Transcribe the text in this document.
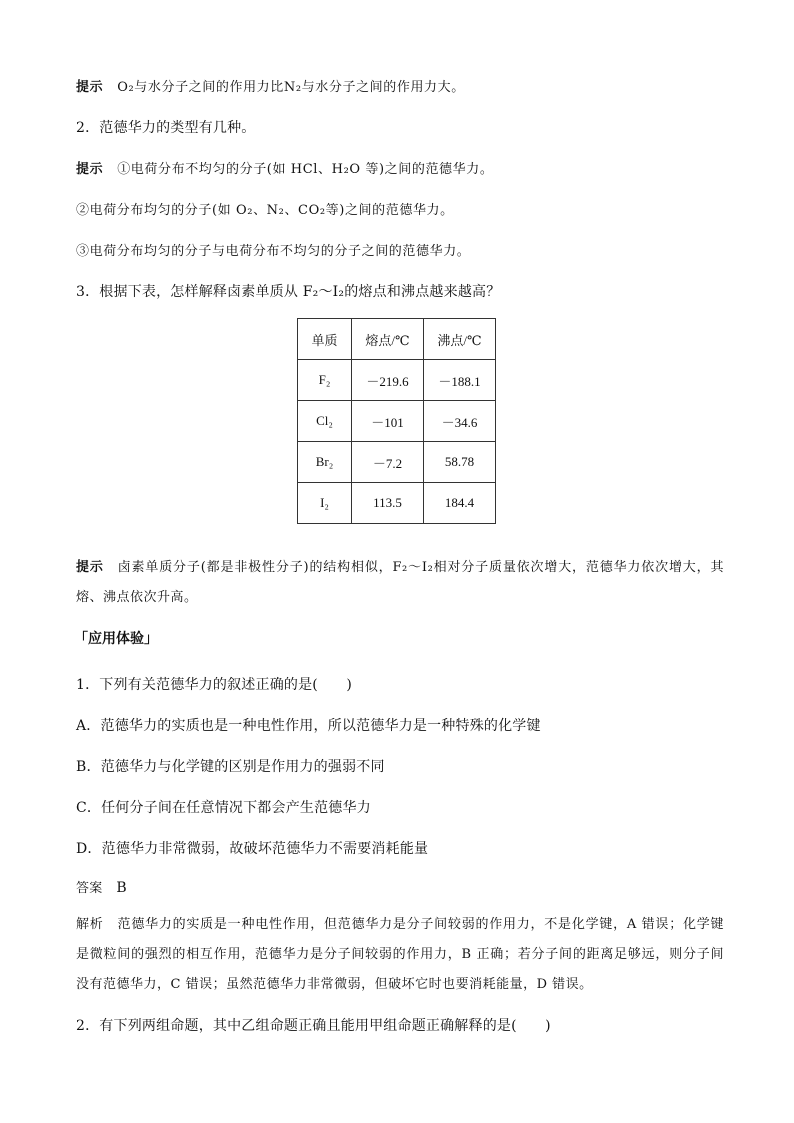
提示 O₂与水分子之间的作用力比N₂与水分子之间的作用力大。
2．范德华力的类型有几种。
提示 ①电荷分布不均匀的分子(如 HCl、H₂O 等)之间的范德华力。
②电荷分布均匀的分子(如 O₂、N₂、CO₂等)之间的范德华力。
③电荷分布均匀的分子与电荷分布不均匀的分子之间的范德华力。
3．根据下表，怎样解释卤素单质从 F₂～I₂的熔点和沸点越来越高？
单质	熔点/℃	沸点/℃
F₂	－219.6	－188.1
Cl₂	－101	－34.6
Br₂	－7.2	58.78
I₂	113.5	184.4
提示 卤素单质分子(都是非极性分子)的结构相似，F₂～I₂相对分子质量依次增大，范德华力依次增大，其熔、沸点依次升高。
「应用体验」
1．下列有关范德华力的叙述正确的是(　　)
A．范德华力的实质也是一种电性作用，所以范德华力是一种特殊的化学键
B．范德华力与化学键的区别是作用力的强弱不同
C．任何分子间在任意情况下都会产生范德华力
D．范德华力非常微弱，故破坏范德华力不需要消耗能量
答案 B
解析 范德华力的实质是一种电性作用，但范德华力是分子间较弱的作用力，不是化学键，A 错误；化学键是微粒间的强烈的相互作用，范德华力是分子间较弱的作用力，B 正确；若分子间的距离足够远，则分子间没有范德华力，C 错误；虽然范德华力非常微弱，但破坏它时也要消耗能量，D 错误。
2．有下列两组命题，其中乙组命题正确且能用甲组命题正确解释的是(　　)
